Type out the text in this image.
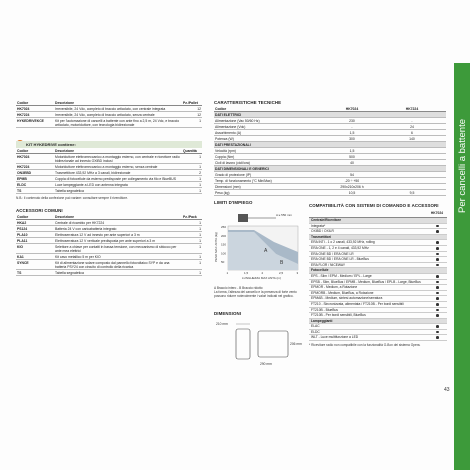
Codice	Descrizione	Pz./Pallet
HK7024	Irreversibile, 24 Vdc, completo di braccio articolato, con centrale integrata	12
HK7224	Irreversibile, 24 Vdc, completo di braccio articolato, senza centrale	12
HYKEDRIVEKCE	Kit per l'automazione di cancelli a battente con ante fino a 2,5 m, 24 Vdc, e braccio articolato, motoriduttore, con tecnologia bidirezionale	1
KIT HYKEDRIVE contiene:
Codice	Descrizione	Quantità
HK7024	Motoriduttore elettromeccanico a montaggio esterno, con centrale e ricevitore radio bidirezionale ad innesto OXIBD inclusi	1
HK7224	Motoriduttore elettromeccanico a montaggio esterno, senza centrale	1
ON3EBD	Trasmettitore 433,92 MHz a 3 canali, bidirezionale	2
EPMB	Coppia di fotocellule da esterno predisposte per collegamento via filo e BlueBUS	1
ELDC	Luce lampeggiante a LED con antenna integrata	1
TS	Tabella segnaletica	1
N.B.: il contenuto della confezione può variare: consultare sempre il rivenditore.
ACCESSORI COMUNI
Codice	Descrizione	Pz./Pack
HKA2	Centrale di ricambio per HK7224	1
PS124	Batteria 24 V con caricabatteria integrato	1
PLA10	Elettroserratura 12 V ad innesto per ante superiori a 3 m	1
PLA11	Elettroserratura 12 V verticale predisposta per ante superiori a 3 m	1
KIO	Selettore a chiave per contatti in bassa tensione, con meccanismo di sblocco per ante mea elettrici	1
KA1	Kit cavo metallico 5 m per KIO	1
SYNCE	Kit di alimentazione solare composto dal pannello fotovoltaico SYP e da una batteria PSY24 con circuito di controllo della ricarica	1
TS	Tabella segnaletica	1
CARATTERISTICHE TECNICHE
Codice	HK7024	HK7224
DATI ELETTRICI		
Alimentazione (Vac 50/60 Hz)	230	-
Alimentazione (Vdc)	-	24
Assorbimento (A)	1,5	6
Potenza (W)	300	140
DATI PRESTAZIONALI		
Velocità (rpm)	1,5	
Coppia (Nm)	500	
Cicli di lavoro (cicli/ora)	40	
DATI DIMENSIONALI E GENERICI		
Grado di protezione (IP)	54	
Temp. di funzionamento (°C Min/Max)	-20 ÷ +50	
Dimensioni (mm)	290x210x206 h	
Peso (kg)	10,5	9,5
LIMITI D'IMPIEGO
A
B
250
200
150
100
50
1	1,5	2	2,5	3
PESO MAX ANTA (kg)
LUNGHEZZA MAX ANTA (m)
A ≤ 550 mm
A Braccio intero - B Braccio ridotto
La forma, l'altezza del cancello e la presenza di forte vento possono ridurre notevolmente i valori indicati nel grafico.
DIMENSIONI
210 mm
290 mm
206 mm
COMPATIBILITÀ CON SISTEMI DI COMANDO E ACCESSORI
HK7024
Centrale/Ricevitore
Integrata*
OXIBD / OXILR
Trasmettitori
ERA INTI - 1 o 2 canali, 433,92 MHz, rolling
ERA ONE - 1, 2 e 4 canali, 433,92 MHz
ERA ONE BD / ERA ONE LR
ERA ONE BD / ERA ONE LR - BlueBus
ERA FLOR / NICEWAY
Fotocellule
EPS - Slim / EPM - Medium / EPL - Large
EPSB - Slim, BlueBus / EPMB - Medium, BlueBus / EPLB - Large, BlueBus
EPMOR - Medium, a Rotazione
EPMORB - Medium, BlueBus, a Rotazione
EPMAB - Medium, sintesi automazione/serratura
FT210 - Sincronizzata, alimentata / FT210B - Per bordi sensibili
FT210B - BlueBus
FT210B - Per bordi sensibili, BlueBus
Lampeggianti
ELAC
ELDC
WLT - Luce multifunzione a LED
* Ricevitore radio non compatibile con la funzionalità O-Box dei sistema Opera.
Per cancelli a battente
43
